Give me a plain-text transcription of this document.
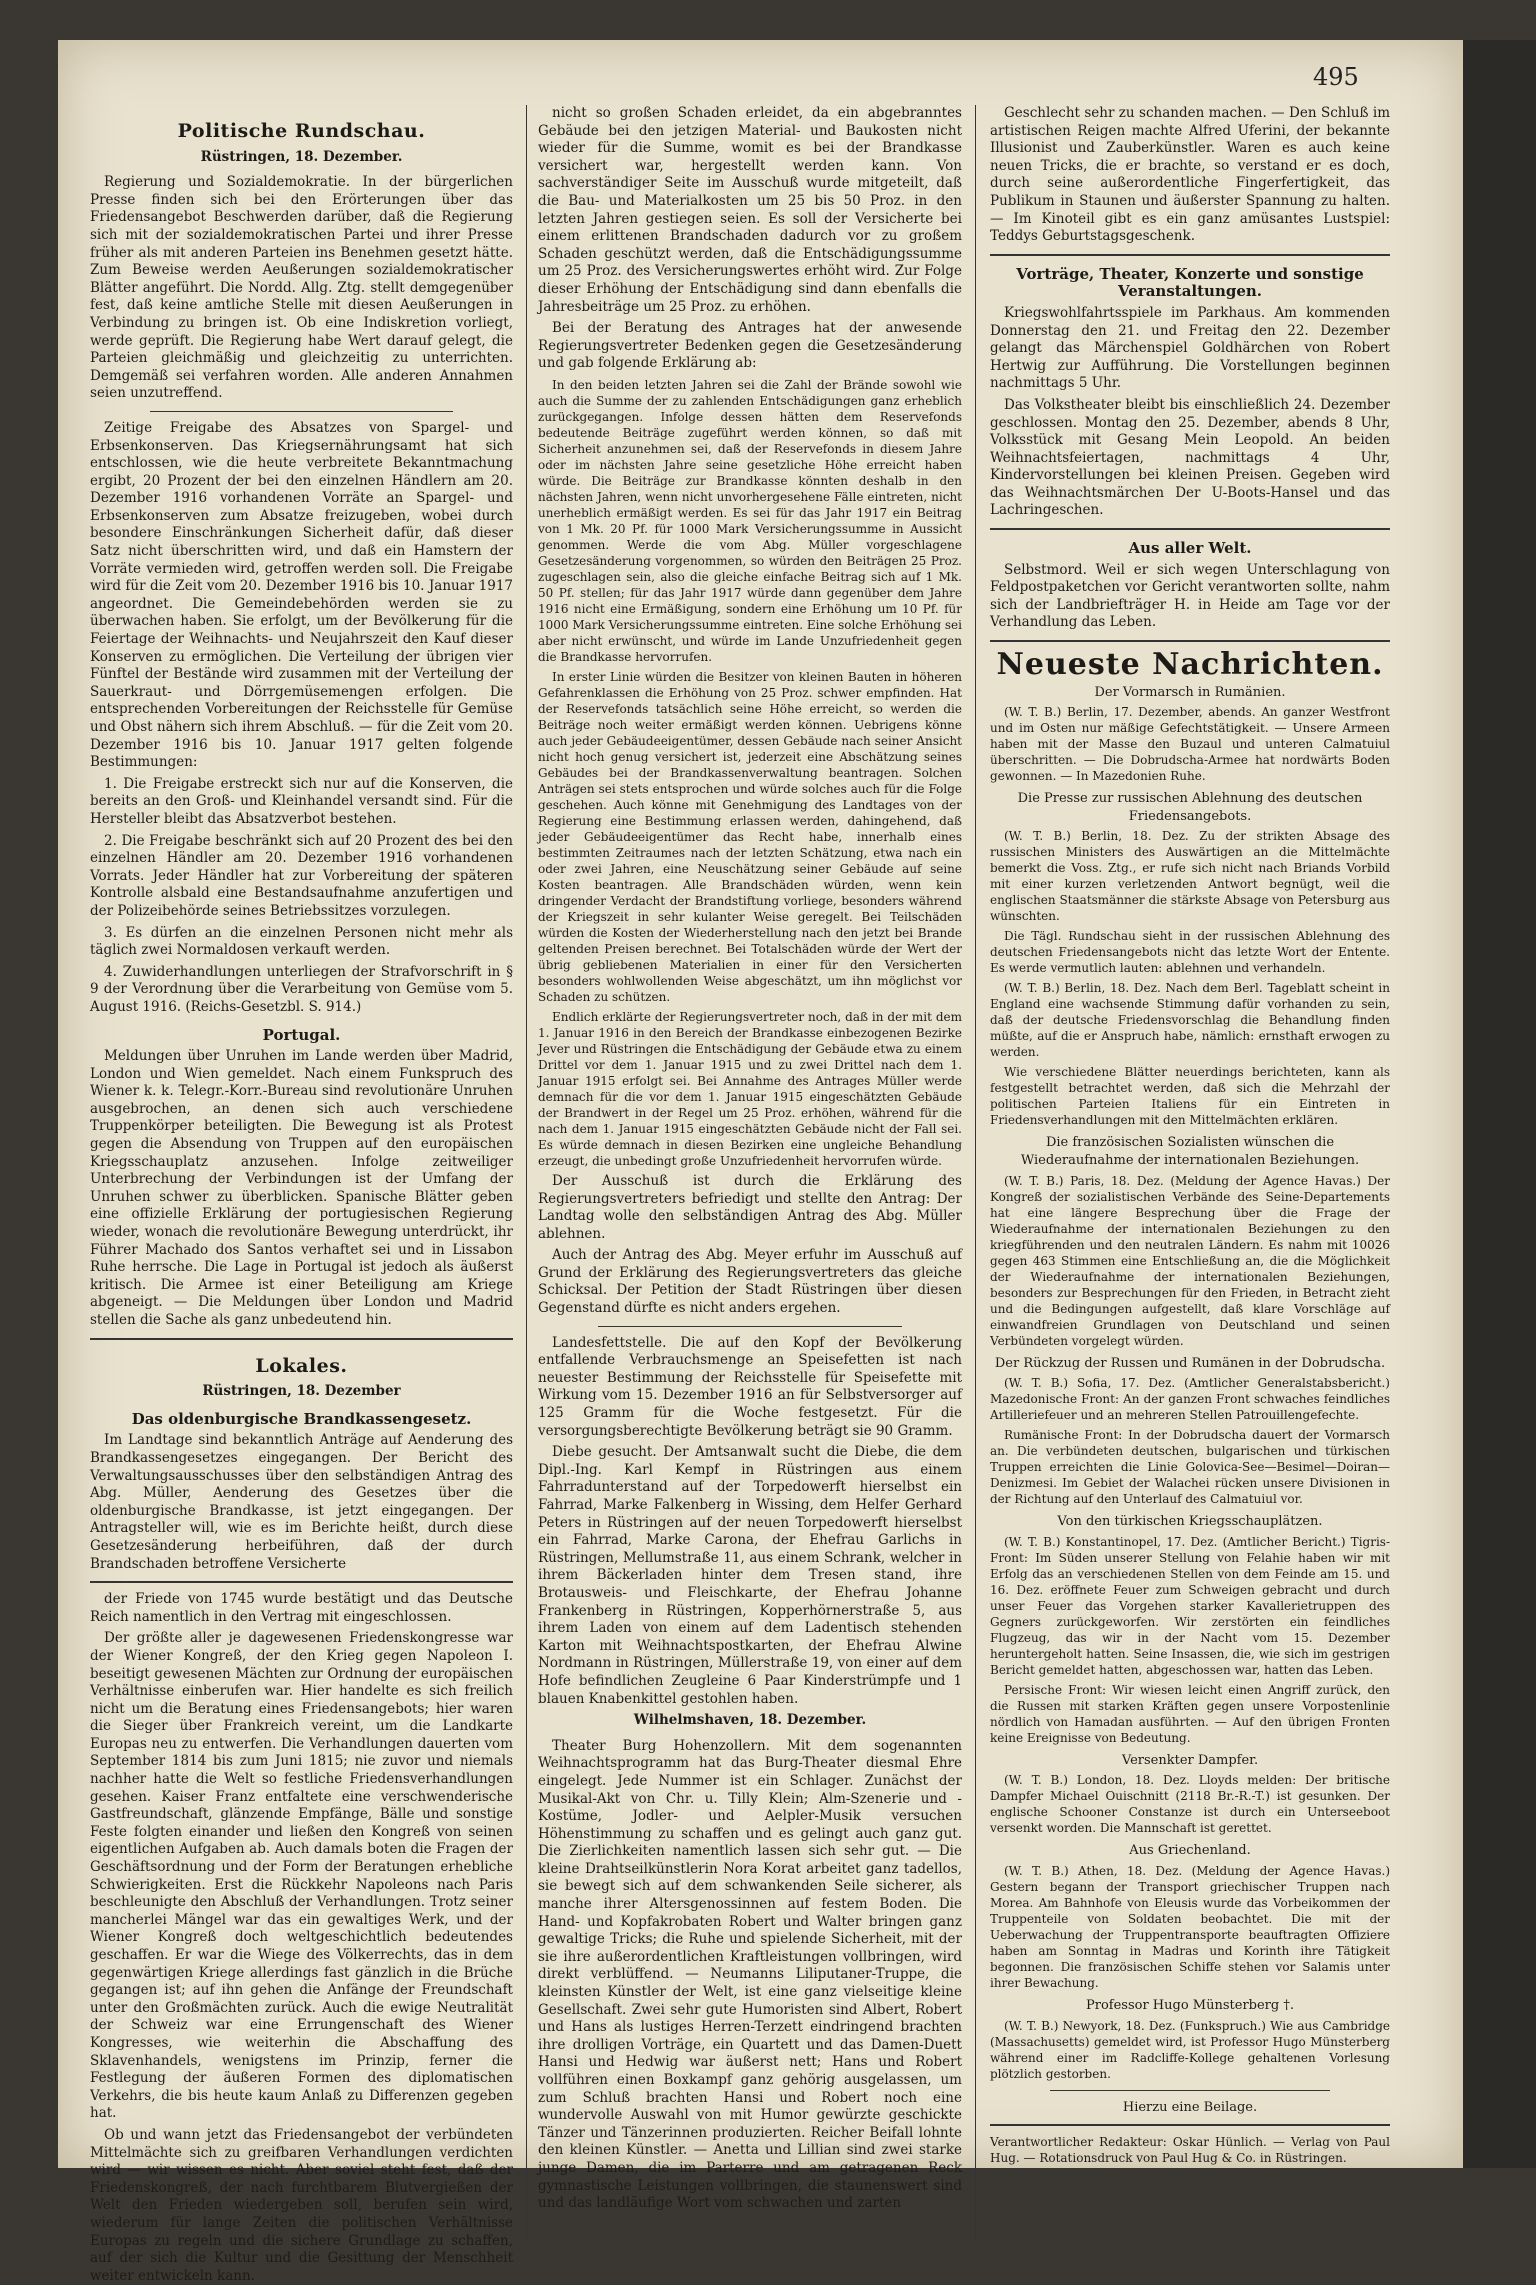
495
Politische Rundschau.
Rüstringen, 18. Dezember.

Regierung und Sozialdemokratie. In der bürgerlichen Presse finden sich bei den Erörterungen über das Friedensangebot Beschwerden darüber, daß die Regierung sich mit der sozialdemokratischen Partei und ihrer Presse früher als mit anderen Parteien ins Benehmen gesetzt hätte. Zum Beweise werden Aeußerungen sozialdemokratischer Blätter angeführt. Die Nordd. Allg. Ztg. stellt demgegenüber fest, daß keine amtliche Stelle mit diesen Aeußerungen in Verbindung zu bringen ist. Ob eine Indiskretion vorliegt, werde geprüft. Die Regierung habe Wert darauf gelegt, die Parteien gleichmäßig und gleichzeitig zu unterrichten. Demgemäß sei verfahren worden. Alle anderen Annahmen seien unzutreffend.

Zeitige Freigabe des Absatzes von Spargel- und Erbsenkonserven. Das Kriegsernährungsamt hat sich entschlossen, wie die heute verbreitete Bekanntmachung ergibt, 20 Prozent der bei den einzelnen Händlern am 20. Dezember 1916 vorhandenen Vorräte an Spargel- und Erbsenkonserven zum Absatze freizugeben, wobei durch besondere Einschränkungen Sicherheit dafür, daß dieser Satz nicht überschritten wird, und daß ein Hamstern der Vorräte vermieden wird, getroffen werden soll. Die Freigabe wird für die Zeit vom 20. Dezember 1916 bis 10. Januar 1917 angeordnet. Die Gemeindebehörden werden sie zu überwachen haben. Sie erfolgt, um der Bevölkerung für die Feiertage der Weihnachts- und Neujahrszeit den Kauf dieser Konserven zu ermöglichen. Die Verteilung der übrigen vier Fünftel der Bestände wird zusammen mit der Verteilung der Sauerkraut- und Dörrgemüsemengen erfolgen. Die entsprechenden Vorbereitungen der Reichsstelle für Gemüse und Obst nähern sich ihrem Abschluß. — für die Zeit vom 20. Dezember 1916 bis 10. Januar 1917 gelten folgende Bestimmungen:

1. Die Freigabe erstreckt sich nur auf die Konserven, die bereits an den Groß- und Kleinhandel versandt sind. Für die Hersteller bleibt das Absatzverbot bestehen.

2. Die Freigabe beschränkt sich auf 20 Prozent des bei den einzelnen Händler am 20. Dezember 1916 vorhandenen Vorrats. Jeder Händler hat zur Vorbereitung der späteren Kontrolle alsbald eine Bestandsaufnahme anzufertigen und der Polizeibehörde seines Betriebssitzes vorzulegen.

3. Es dürfen an die einzelnen Personen nicht mehr als täglich zwei Normaldosen verkauft werden.

4. Zuwiderhandlungen unterliegen der Strafvorschrift in § 9 der Verordnung über die Verarbeitung von Gemüse vom 5. August 1916. (Reichs-Gesetzbl. S. 914.)

Portugal.

Meldungen über Unruhen im Lande werden über Madrid, London und Wien gemeldet. Nach einem Funkspruch des Wiener k. k. Telegr.-Korr.-Bureau sind revolutionäre Unruhen ausgebrochen, an denen sich auch verschiedene Truppenkörper beteiligten. Die Bewegung ist als Protest gegen die Absendung von Truppen auf den europäischen Kriegsschauplatz anzusehen. Infolge zeitweiliger Unterbrechung der Verbindungen ist der Umfang der Unruhen schwer zu überblicken. Spanische Blätter geben eine offizielle Erklärung der portugiesischen Regierung wieder, wonach die revolutionäre Bewegung unterdrückt, ihr Führer Machado dos Santos verhaftet sei und in Lissabon Ruhe herrsche. Die Lage in Portugal ist jedoch als äußerst kritisch. Die Armee ist einer Beteiligung am Kriege abgeneigt. — Die Meldungen über London und Madrid stellen die Sache als ganz unbedeutend hin.

Lokales.
Rüstringen, 18. Dezember
Das oldenburgische Brandkassengesetz.

Im Landtage sind bekanntlich Anträge auf Aenderung des Brandkassengesetzes eingegangen. Der Bericht des Verwaltungsausschusses über den selbständigen Antrag des Abg. Müller, Aenderung des Gesetzes über die oldenburgische Brandkasse, ist jetzt eingegangen. Der Antragsteller will, wie es im Berichte heißt, durch diese Gesetzesänderung herbeiführen, daß der durch Brandschaden betroffene Versicherte

der Friede von 1745 wurde bestätigt und das Deutsche Reich namentlich in den Vertrag mit eingeschlossen.

Der größte aller je dagewesenen Friedenskongresse war der Wiener Kongreß, der den Krieg gegen Napoleon I. beseitigt gewesenen Mächten zur Ordnung der europäischen Verhältnisse einberufen war. Hier handelte es sich freilich nicht um die Beratung eines Friedensangebots; hier waren die Sieger über Frankreich vereint, um die Landkarte Europas neu zu entwerfen. Die Verhandlungen dauerten vom September 1814 bis zum Juni 1815; nie zuvor und niemals nachher hatte die Welt so festliche Friedensverhandlungen gesehen. Kaiser Franz entfaltete eine verschwenderische Gastfreundschaft, glänzende Empfänge, Bälle und sonstige Feste folgten einander und ließen den Kongreß von seinen eigentlichen Aufgaben ab. Auch damals boten die Fragen der Geschäftsordnung und der Form der Beratungen erhebliche Schwierigkeiten. Erst die Rückkehr Napoleons nach Paris beschleunigte den Abschluß der Verhandlungen. Trotz seiner mancherlei Mängel war das ein gewaltiges Werk, und der Wiener Kongreß doch weltgeschichtlich bedeutendes geschaffen. Er war die Wiege des Völkerrechts, das in dem gegenwärtigen Kriege allerdings fast gänzlich in die Brüche gegangen ist; auf ihn gehen die Anfänge der Freundschaft unter den Großmächten zurück. Auch die ewige Neutralität der Schweiz war eine Errungenschaft des Wiener Kongresses, wie weiterhin die Abschaffung des Sklavenhandels, wenigstens im Prinzip, ferner die Festlegung der äußeren Formen des diplomatischen Verkehrs, die bis heute kaum Anlaß zu Differenzen gegeben hat.

Ob und wann jetzt das Friedensangebot der verbündeten Mittelmächte sich zu greifbaren Verhandlungen verdichten wird — wir wissen es nicht. Aber soviel steht fest, daß der Friedenskongreß, der nach furchtbarem Blutvergießen der Welt den Frieden wiedergeben soll, berufen sein wird, wiederum für lange Zeiten die politischen Verhältnisse Europas zu regeln und die sichere Grundlage zu schaffen, auf der sich die Kultur und die Gesittung der Menschheit weiter entwickeln kann.

nicht so großen Schaden erleidet, da ein abgebranntes Gebäude bei den jetzigen Material- und Baukosten nicht wieder für die Summe, womit es bei der Brandkasse versichert war, hergestellt werden kann. Von sachverständiger Seite im Ausschuß wurde mitgeteilt, daß die Bau- und Materialkosten um 25 bis 50 Proz. in den letzten Jahren gestiegen seien. Es soll der Versicherte bei einem erlittenen Brandschaden dadurch vor zu großem Schaden geschützt werden, daß die Entschädigungssumme um 25 Proz. des Versicherungswertes erhöht wird. Zur Folge dieser Erhöhung der Entschädigung sind dann ebenfalls die Jahresbeiträge um 25 Proz. zu erhöhen.

Bei der Beratung des Antrages hat der anwesende Regierungsvertreter Bedenken gegen die Gesetzesänderung und gab folgende Erklärung ab:

In den beiden letzten Jahren sei die Zahl der Brände sowohl wie auch die Summe der zu zahlenden Entschädigungen ganz erheblich zurückgegangen. Infolge dessen hätten dem Reservefonds bedeutende Beiträge zugeführt werden können, so daß mit Sicherheit anzunehmen sei, daß der Reservefonds in diesem Jahre oder im nächsten Jahre seine gesetzliche Höhe erreicht haben würde. Die Beiträge zur Brandkasse könnten deshalb in den nächsten Jahren, wenn nicht unvorhergesehene Fälle eintreten, nicht unerheblich ermäßigt werden. Es sei für das Jahr 1917 ein Beitrag von 1 Mk. 20 Pf. für 1000 Mark Versicherungssumme in Aussicht genommen. Werde die vom Abg. Müller vorgeschlagene Gesetzesänderung vorgenommen, so würden den Beiträgen 25 Proz. zugeschlagen sein, also die gleiche einfache Beitrag sich auf 1 Mk. 50 Pf. stellen; für das Jahr 1917 würde dann gegenüber dem Jahre 1916 nicht eine Ermäßigung, sondern eine Erhöhung um 10 Pf. für 1000 Mark Versicherungssumme eintreten. Eine solche Erhöhung sei aber nicht erwünscht, und würde im Lande Unzufriedenheit gegen die Brandkasse hervorrufen.

In erster Linie würden die Besitzer von kleinen Bauten in höheren Gefahrenklassen die Erhöhung von 25 Proz. schwer empfinden. Hat der Reservefonds tatsächlich seine Höhe erreicht, so werden die Beiträge noch weiter ermäßigt werden können. Uebrigens könne auch jeder Gebäudeeigentümer, dessen Gebäude nach seiner Ansicht nicht hoch genug versichert ist, jederzeit eine Abschätzung seines Gebäudes bei der Brandkassenverwaltung beantragen. Solchen Anträgen sei stets entsprochen und würde solches auch für die Folge geschehen. Auch könne mit Genehmigung des Landtages von der Regierung eine Bestimmung erlassen werden, dahingehend, daß jeder Gebäudeeigentümer das Recht habe, innerhalb eines bestimmten Zeitraumes nach der letzten Schätzung, etwa nach ein oder zwei Jahren, eine Neuschätzung seiner Gebäude auf seine Kosten beantragen. Alle Brandschäden würden, wenn kein dringender Verdacht der Brandstiftung vorliege, besonders während der Kriegszeit in sehr kulanter Weise geregelt. Bei Teilschäden würden die Kosten der Wiederherstellung nach den jetzt bei Brande geltenden Preisen berechnet. Bei Totalschäden würde der Wert der übrig gebliebenen Materialien in einer für den Versicherten besonders wohlwollenden Weise abgeschätzt, um ihn möglichst vor Schaden zu schützen.

Endlich erklärte der Regierungsvertreter noch, daß in der mit dem 1. Januar 1916 in den Bereich der Brandkasse einbezogenen Bezirke Jever und Rüstringen die Entschädigung der Gebäude etwa zu einem Drittel vor dem 1. Januar 1915 und zu zwei Drittel nach dem 1. Januar 1915 erfolgt sei. Bei Annahme des Antrages Müller werde demnach für die vor dem 1. Januar 1915 eingeschätzten Gebäude der Brandwert in der Regel um 25 Proz. erhöhen, während für die nach dem 1. Januar 1915 eingeschätzten Gebäude nicht der Fall sei. Es würde demnach in diesen Bezirken eine ungleiche Behandlung erzeugt, die unbedingt große Unzufriedenheit hervorrufen würde.

Der Ausschuß ist durch die Erklärung des Regierungsvertreters befriedigt und stellte den Antrag: Der Landtag wolle den selbständigen Antrag des Abg. Müller ablehnen.

Auch der Antrag des Abg. Meyer erfuhr im Ausschuß auf Grund der Erklärung des Regierungsvertreters das gleiche Schicksal. Der Petition der Stadt Rüstringen über diesen Gegenstand dürfte es nicht anders ergehen.

Landesfettstelle. Die auf den Kopf der Bevölkerung entfallende Verbrauchsmenge an Speisefetten ist nach neuester Bestimmung der Reichsstelle für Speisefette mit Wirkung vom 15. Dezember 1916 an für Selbstversorger auf 125 Gramm für die Woche festgesetzt. Für die versorgungsberechtigte Bevölkerung beträgt sie 90 Gramm.

Diebe gesucht. Der Amtsanwalt sucht die Diebe, die dem Dipl.-Ing. Karl Kempf in Rüstringen aus einem Fahrradunterstand auf der Torpedowerft hierselbst ein Fahrrad, Marke Falkenberg in Wissing, dem Helfer Gerhard Peters in Rüstringen auf der neuen Torpedowerft hierselbst ein Fahrrad, Marke Carona, der Ehefrau Garlichs in Rüstringen, Mellumstraße 11, aus einem Schrank, welcher in ihrem Bäckerladen hinter dem Tresen stand, ihre Brotausweis- und Fleischkarte, der Ehefrau Johanne Frankenberg in Rüstringen, Kopperhörnerstraße 5, aus ihrem Laden von einem auf dem Ladentisch stehenden Karton mit Weihnachtspostkarten, der Ehefrau Alwine Nordmann in Rüstringen, Müllerstraße 19, von einer auf dem Hofe befindlichen Zeugleine 6 Paar Kinderstrümpfe und 1 blauen Knabenkittel gestohlen haben.

Wilhelmshaven, 18. Dezember.

Theater Burg Hohenzollern. Mit dem sogenannten Weihnachtsprogramm hat das Burg-Theater diesmal Ehre eingelegt. Jede Nummer ist ein Schlager. Zunächst der Musikal-Akt von Chr. u. Tilly Klein; Alm-Szenerie und -Kostüme, Jodler- und Aelpler-Musik versuchen Höhenstimmung zu schaffen und es gelingt auch ganz gut. Die Zierlichkeiten namentlich lassen sich sehr gut. — Die kleine Drahtseilkünstlerin Nora Korat arbeitet ganz tadellos, sie bewegt sich auf dem schwankenden Seile sicherer, als manche ihrer Altersgenossinnen auf festem Boden. Die Hand- und Kopfakrobaten Robert und Walter bringen ganz gewaltige Tricks; die Ruhe und spielende Sicherheit, mit der sie ihre außerordentlichen Kraftleistungen vollbringen, wird direkt verblüffend. — Neumanns Liliputaner-Truppe, die kleinsten Künstler der Welt, ist eine ganz vielseitige kleine Gesellschaft. Zwei sehr gute Humoristen sind Albert, Robert und Hans als lustiges Herren-Terzett eindringend brachten ihre drolligen Vorträge, ein Quartett und das Damen-Duett Hansi und Hedwig war äußerst nett; Hans und Robert vollführen einen Boxkampf ganz gehörig ausgelassen, um zum Schluß brachten Hansi und Robert noch eine wundervolle Auswahl von mit Humor gewürzte geschickte Tänzer und Tänzerinnen produzierten. Reicher Beifall lohnte den kleinen Künstler. — Anetta und Lillian sind zwei starke junge Damen, die im Parterre und am getragenen Reck gymnastische Leistungen vollbringen, die staunenswert sind und das landläufige Wort vom schwachen und zarten

Geschlecht sehr zu schanden machen. — Den Schluß im artistischen Reigen machte Alfred Uferini, der bekannte Illusionist und Zauberkünstler. Waren es auch keine neuen Tricks, die er brachte, so verstand er es doch, durch seine außerordentliche Fingerfertigkeit, das Publikum in Staunen und äußerster Spannung zu halten. — Im Kinoteil gibt es ein ganz amüsantes Lustspiel: Teddys Geburtstagsgeschenk.

Vorträge, Theater, Konzerte und sonstige Veranstaltungen.

Kriegswohlfahrtsspiele im Parkhaus. Am kommenden Donnerstag den 21. und Freitag den 22. Dezember gelangt das Märchenspiel Goldhärchen von Robert Hertwig zur Aufführung. Die Vorstellungen beginnen nachmittags 5 Uhr.

Das Volkstheater bleibt bis einschließlich 24. Dezember geschlossen. Montag den 25. Dezember, abends 8 Uhr, Volksstück mit Gesang Mein Leopold. An beiden Weihnachtsfeiertagen, nachmittags 4 Uhr, Kindervorstellungen bei kleinen Preisen. Gegeben wird das Weihnachtsmärchen Der U-Boots-Hansel und das Lachringeschen.

Aus aller Welt.

Selbstmord. Weil er sich wegen Unterschlagung von Feldpostpaketchen vor Gericht verantworten sollte, nahm sich der Landbriefträger H. in Heide am Tage vor der Verhandlung das Leben.

Neueste Nachrichten.
Der Vormarsch in Rumänien.

(W. T. B.) Berlin, 17. Dezember, abends. An ganzer Westfront und im Osten nur mäßige Gefechtstätigkeit. — Unsere Armeen haben mit der Masse den Buzaul und unteren Calmatuiul überschritten. — Die Dobrudscha-Armee hat nordwärts Boden gewonnen. — In Mazedonien Ruhe.

Die Presse zur russischen Ablehnung des deutschen Friedensangebots.

(W. T. B.) Berlin, 18. Dez. Zu der strikten Absage des russischen Ministers des Auswärtigen an die Mittelmächte bemerkt die Voss. Ztg., er rufe sich nicht nach Briands Vorbild mit einer kurzen verletzenden Antwort begnügt, weil die englischen Staatsmänner die stärkste Absage von Petersburg aus wünschten.

Die Tägl. Rundschau sieht in der russischen Ablehnung des deutschen Friedensangebots nicht das letzte Wort der Entente. Es werde vermutlich lauten: ablehnen und verhandeln.

(W. T. B.) Berlin, 18. Dez. Nach dem Berl. Tageblatt scheint in England eine wachsende Stimmung dafür vorhanden zu sein, daß der deutsche Friedensvorschlag die Behandlung finden müßte, auf die er Anspruch habe, nämlich: ernsthaft erwogen zu werden.

Wie verschiedene Blätter neuerdings berichteten, kann als festgestellt betrachtet werden, daß sich die Mehrzahl der politischen Parteien Italiens für ein Eintreten in Friedensverhandlungen mit den Mittelmächten erklären.

Die französischen Sozialisten wünschen die Wiederaufnahme der internationalen Beziehungen.

(W. T. B.) Paris, 18. Dez. (Meldung der Agence Havas.) Der Kongreß der sozialistischen Verbände des Seine-Departements hat eine längere Besprechung über die Frage der Wiederaufnahme der internationalen Beziehungen zu den kriegführenden und den neutralen Ländern. Es nahm mit 10026 gegen 463 Stimmen eine Entschließung an, die die Möglichkeit der Wiederaufnahme der internationalen Beziehungen, besonders zur Besprechungen für den Frieden, in Betracht zieht und die Bedingungen aufgestellt, daß klare Vorschläge auf einwandfreien Grundlagen von Deutschland und seinen Verbündeten vorgelegt würden.

Der Rückzug der Russen und Rumänen in der Dobrudscha.

(W. T. B.) Sofia, 17. Dez. (Amtlicher Generalstabsbericht.) Mazedonische Front: An der ganzen Front schwaches feindliches Artilleriefeuer und an mehreren Stellen Patrouillengefechte.

Rumänische Front: In der Dobrudscha dauert der Vormarsch an. Die verbündeten deutschen, bulgarischen und türkischen Truppen erreichten die Linie Golovica-See—Besimel—Doiran—Denizmesi. Im Gebiet der Walachei rücken unsere Divisionen in der Richtung auf den Unterlauf des Calmatuiul vor.

Von den türkischen Kriegsschauplätzen.

(W. T. B.) Konstantinopel, 17. Dez. (Amtlicher Bericht.) Tigris-Front: Im Süden unserer Stellung von Felahie haben wir mit Erfolg das an verschiedenen Stellen von dem Feinde am 15. und 16. Dez. eröffnete Feuer zum Schweigen gebracht und durch unser Feuer das Vorgehen starker Kavallerietruppen des Gegners zurückgeworfen. Wir zerstörten ein feindliches Flugzeug, das wir in der Nacht vom 15. Dezember heruntergeholt hatten. Seine Insassen, die, wie sich im gestrigen Bericht gemeldet hatten, abgeschossen war, hatten das Leben.

Persische Front: Wir wiesen leicht einen Angriff zurück, den die Russen mit starken Kräften gegen unsere Vorpostenlinie nördlich von Hamadan ausführten. — Auf den übrigen Fronten keine Ereignisse von Bedeutung.

Versenkter Dampfer.

(W. T. B.) London, 18. Dez. Lloyds melden: Der britische Dampfer Michael Ouischnitt (2118 Br.-R.-T.) ist gesunken. Der englische Schooner Constanze ist durch ein Unterseeboot versenkt worden. Die Mannschaft ist gerettet.

Aus Griechenland.

(W. T. B.) Athen, 18. Dez. (Meldung der Agence Havas.) Gestern begann der Transport griechischer Truppen nach Morea. Am Bahnhofe von Eleusis wurde das Vorbeikommen der Truppenteile von Soldaten beobachtet. Die mit der Ueberwachung der Truppentransporte beauftragten Offiziere haben am Sonntag in Madras und Korinth ihre Tätigkeit begonnen. Die französischen Schiffe stehen vor Salamis unter ihrer Bewachung.

Professor Hugo Münsterberg †.

(W. T. B.) Newyork, 18. Dez. (Funkspruch.) Wie aus Cambridge (Massachusetts) gemeldet wird, ist Professor Hugo Münsterberg während einer im Radcliffe-Kollege gehaltenen Vorlesung plötzlich gestorben.

Hierzu eine Beilage.
Verantwortlicher Redakteur: Oskar Hünlich. — Verlag von Paul Hug. — Rotationsdruck von Paul Hug & Co. in Rüstringen.
